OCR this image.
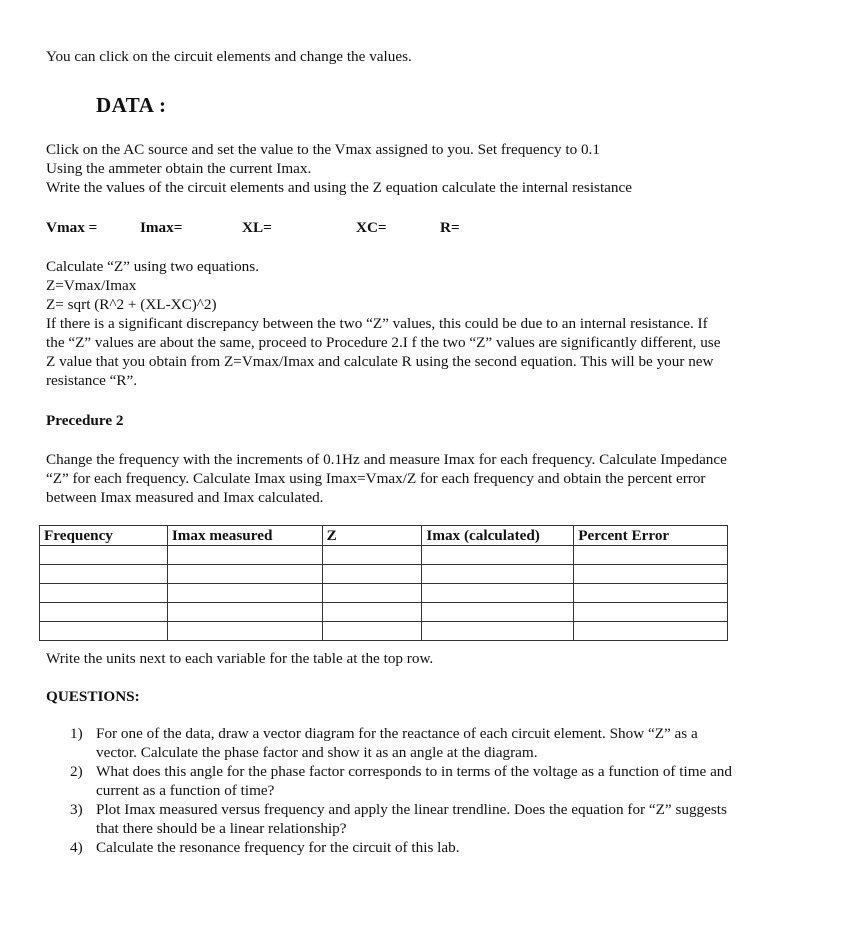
You can click on the circuit elements and change the values.
DATA :
Click on the AC source and set the value to the Vmax assigned to you. Set frequency to 0.1
Using the ammeter obtain the current Imax.
Write the values of the circuit elements and using the Z equation calculate the internal resistance
Vmax =	Imax=	XL=	XC=	R=
Calculate “Z” using two equations.
Z=Vmax/Imax
Z= sqrt (R^2 + (XL-XC)^2)
If there is a significant discrepancy between the two “Z” values, this could be due to an internal resistance. If
the “Z” values are about the same, proceed to Procedure 2.I f the two “Z” values are significantly different, use
Z value that you obtain from Z=Vmax/Imax and calculate R using the second equation. This will be your new
resistance “R”.
Precedure 2
Change the frequency with the increments of 0.1Hz and measure Imax for each frequency. Calculate Impedance
“Z” for each frequency. Calculate Imax using Imax=Vmax/Z for each frequency and obtain the percent error
between Imax measured and Imax calculated.
Frequency	Imax measured	Z	Imax (calculated)	Percent Error

Write the units next to each variable for the table at the top row.
QUESTIONS:
1) For one of the data, draw a vector diagram for the reactance of each circuit element. Show “Z” as a
vector. Calculate the phase factor and show it as an angle at the diagram.
2) What does this angle for the phase factor corresponds to in terms of the voltage as a function of time and
current as a function of time?
3) Plot Imax measured versus frequency and apply the linear trendline. Does the equation for “Z” suggests
that there should be a linear relationship?
4) Calculate the resonance frequency for the circuit of this lab.
